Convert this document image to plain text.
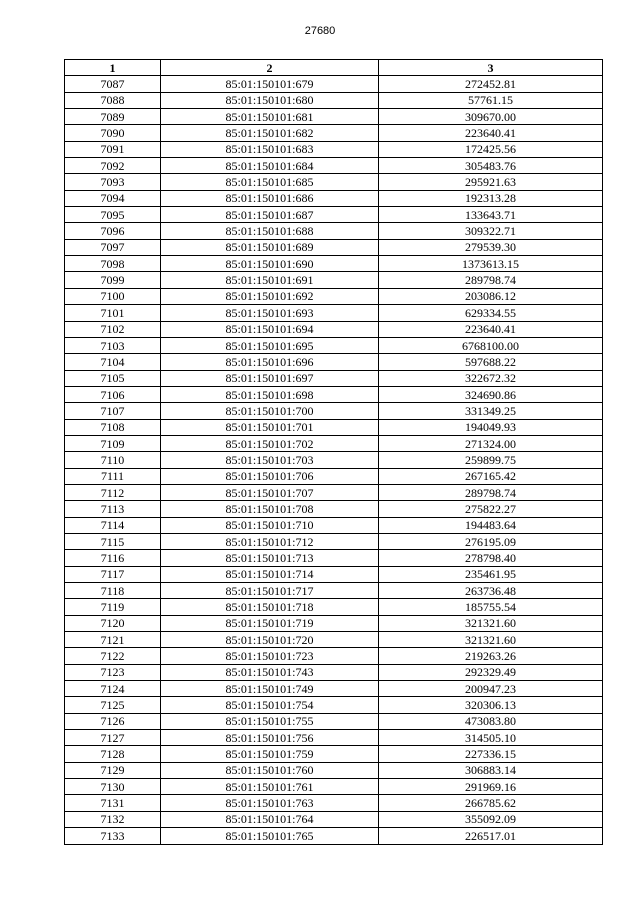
27680
1	2	3
7087	85:01:150101:679	272452.81
7088	85:01:150101:680	57761.15
7089	85:01:150101:681	309670.00
7090	85:01:150101:682	223640.41
7091	85:01:150101:683	172425.56
7092	85:01:150101:684	305483.76
7093	85:01:150101:685	295921.63
7094	85:01:150101:686	192313.28
7095	85:01:150101:687	133643.71
7096	85:01:150101:688	309322.71
7097	85:01:150101:689	279539.30
7098	85:01:150101:690	1373613.15
7099	85:01:150101:691	289798.74
7100	85:01:150101:692	203086.12
7101	85:01:150101:693	629334.55
7102	85:01:150101:694	223640.41
7103	85:01:150101:695	6768100.00
7104	85:01:150101:696	597688.22
7105	85:01:150101:697	322672.32
7106	85:01:150101:698	324690.86
7107	85:01:150101:700	331349.25
7108	85:01:150101:701	194049.93
7109	85:01:150101:702	271324.00
7110	85:01:150101:703	259899.75
7111	85:01:150101:706	267165.42
7112	85:01:150101:707	289798.74
7113	85:01:150101:708	275822.27
7114	85:01:150101:710	194483.64
7115	85:01:150101:712	276195.09
7116	85:01:150101:713	278798.40
7117	85:01:150101:714	235461.95
7118	85:01:150101:717	263736.48
7119	85:01:150101:718	185755.54
7120	85:01:150101:719	321321.60
7121	85:01:150101:720	321321.60
7122	85:01:150101:723	219263.26
7123	85:01:150101:743	292329.49
7124	85:01:150101:749	200947.23
7125	85:01:150101:754	320306.13
7126	85:01:150101:755	473083.80
7127	85:01:150101:756	314505.10
7128	85:01:150101:759	227336.15
7129	85:01:150101:760	306883.14
7130	85:01:150101:761	291969.16
7131	85:01:150101:763	266785.62
7132	85:01:150101:764	355092.09
7133	85:01:150101:765	226517.01
